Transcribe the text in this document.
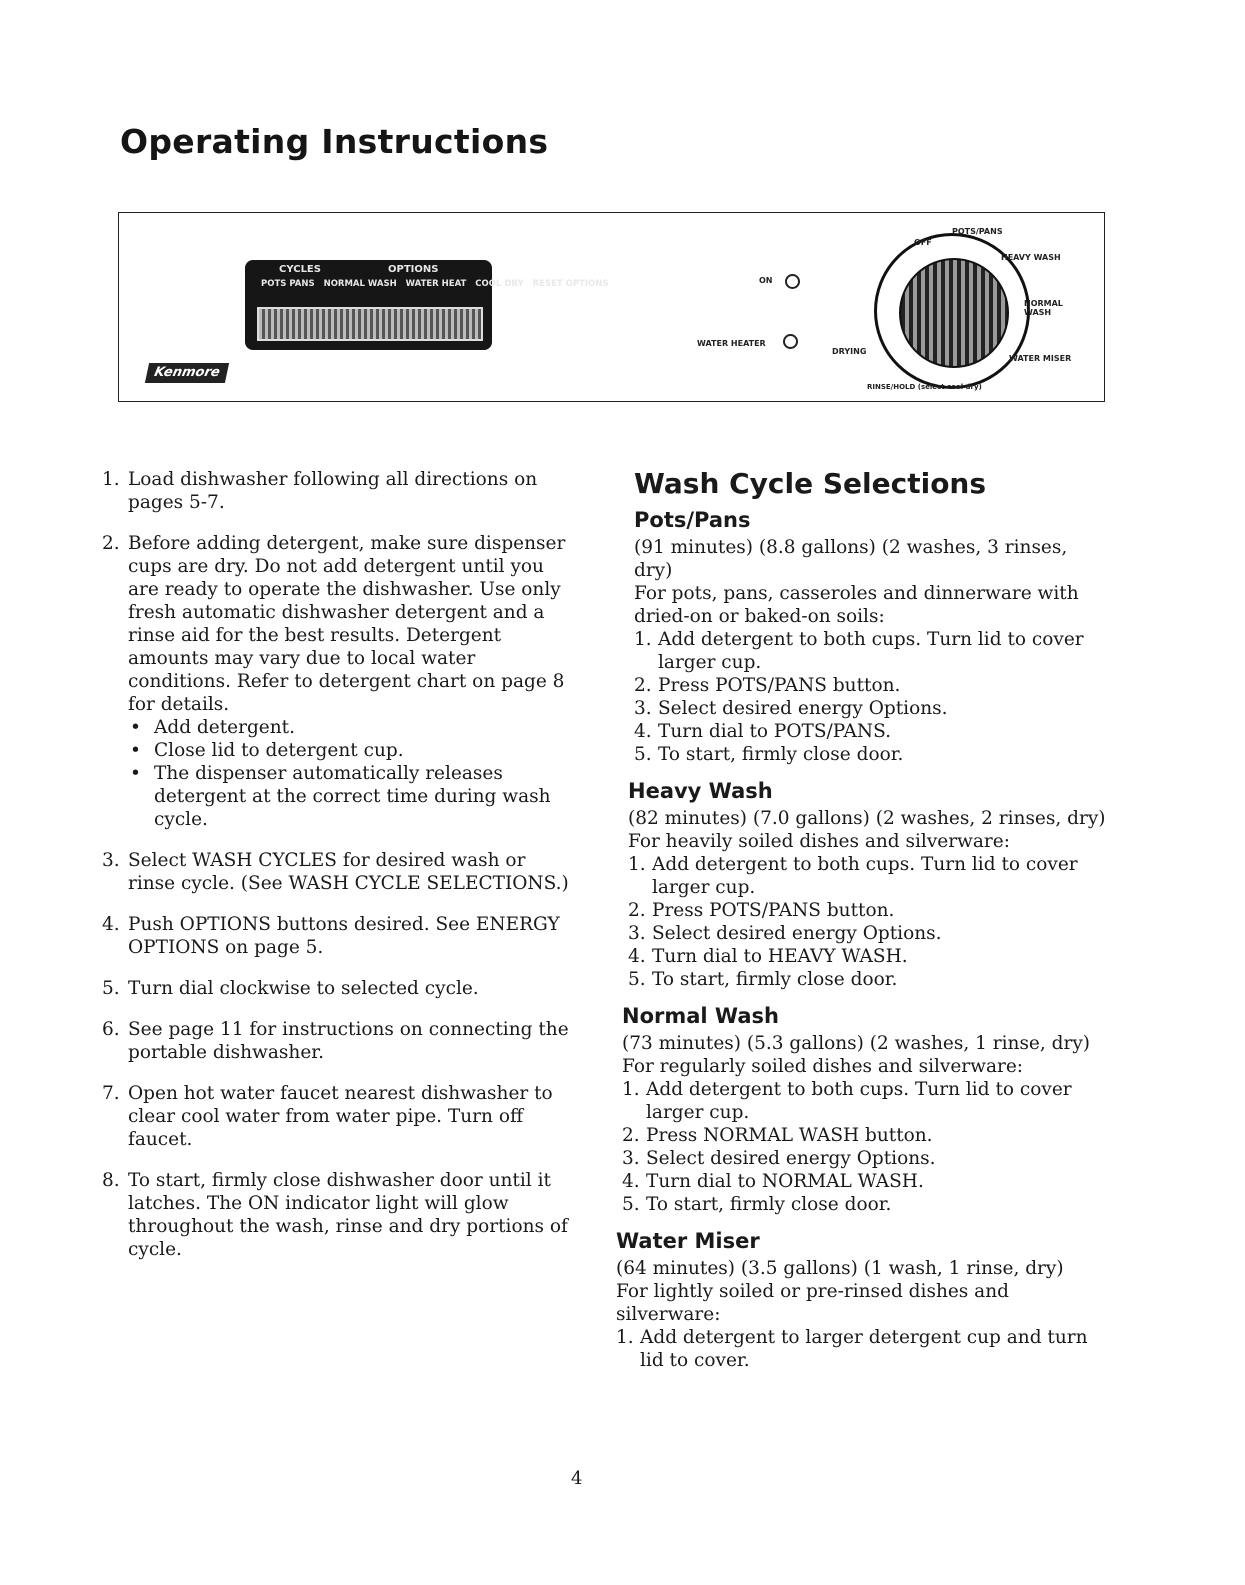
Operating Instructions
CYCLES	OPTIONS
POTS PANS NORMAL WASH WATER HEAT COOL DRY RESET OPTIONS
Kenmore
ON
WATER HEATER
DRYING
OFF
POTS/PANS
HEAVY WASH
NORMAL WASH
WATER MISER
RINSE/HOLD (select cool dry)
1. Load dishwasher following all directions on pages 5-7.
2. Before adding detergent, make sure dispenser cups are dry. Do not add detergent until you are ready to operate the dishwasher. Use only fresh automatic dishwasher detergent and a rinse aid for the best results. Detergent amounts may vary due to local water conditions. Refer to detergent chart on page 8 for details.
• Add detergent.
• Close lid to detergent cup.
• The dispenser automatically releases detergent at the correct time during wash cycle.
3. Select WASH CYCLES for desired wash or rinse cycle. (See WASH CYCLE SELECTIONS.)
4. Push OPTIONS buttons desired. See ENERGY OPTIONS on page 5.
5. Turn dial clockwise to selected cycle.
6. See page 11 for instructions on connecting the portable dishwasher.
7. Open hot water faucet nearest dishwasher to clear cool water from water pipe. Turn off faucet.
8. To start, firmly close dishwasher door until it latches. The ON indicator light will glow throughout the wash, rinse and dry portions of cycle.
Wash Cycle Selections
Pots/Pans
(91 minutes) (8.8 gallons) (2 washes, 3 rinses, dry)
For pots, pans, casseroles and dinnerware with dried-on or baked-on soils:
1. Add detergent to both cups. Turn lid to cover larger cup.
2. Press POTS/PANS button.
3. Select desired energy Options.
4. Turn dial to POTS/PANS.
5. To start, firmly close door.
Heavy Wash
(82 minutes) (7.0 gallons) (2 washes, 2 rinses, dry)
For heavily soiled dishes and silverware:
1. Add detergent to both cups. Turn lid to cover larger cup.
2. Press POTS/PANS button.
3. Select desired energy Options.
4. Turn dial to HEAVY WASH.
5. To start, firmly close door.
Normal Wash
(73 minutes) (5.3 gallons) (2 washes, 1 rinse, dry)
For regularly soiled dishes and silverware:
1. Add detergent to both cups. Turn lid to cover larger cup.
2. Press NORMAL WASH button.
3. Select desired energy Options.
4. Turn dial to NORMAL WASH.
5. To start, firmly close door.
Water Miser
(64 minutes) (3.5 gallons) (1 wash, 1 rinse, dry)
For lightly soiled or pre-rinsed dishes and silverware:
1. Add detergent to larger detergent cup and turn lid to cover.
4
